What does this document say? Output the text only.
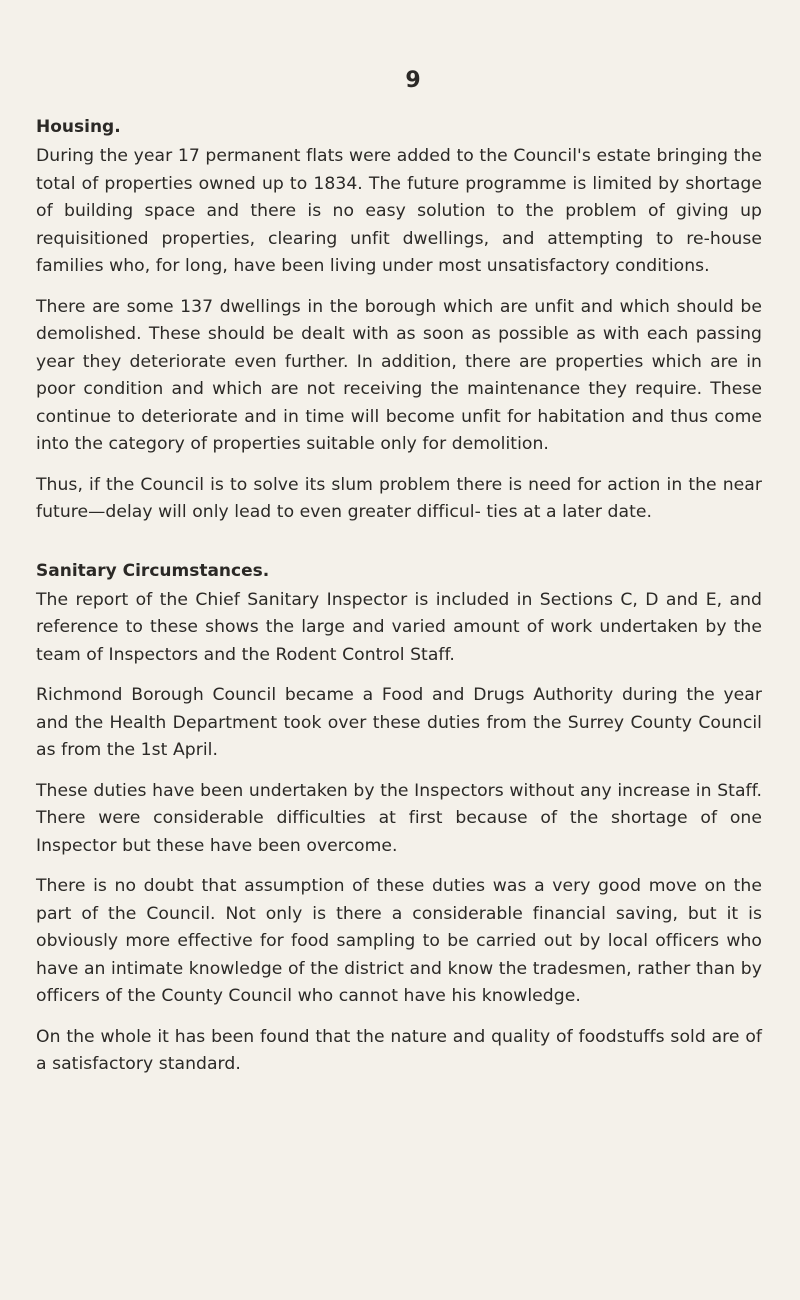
9
Housing.

During the year 17 permanent flats were added to the Council's estate bringing the total of properties owned up to 1834. The future programme is limited by shortage of building space and there is no easy solution to the problem of giving up requisitioned properties, clearing unfit dwellings, and attempting to re-house families who, for long, have been living under most unsatisfactory conditions.

There are some 137 dwellings in the borough which are unfit and which should be demolished. These should be dealt with as soon as possible as with each passing year they deteriorate even further. In addition, there are properties which are in poor condition and which are not receiving the maintenance they require. These continue to deteriorate and in time will become unfit for habitation and thus come into the category of properties suitable only for demolition.

Thus, if the Council is to solve its slum problem there is need for action in the near future—delay will only lead to even greater difficul- ties at a later date.

Sanitary Circumstances.

The report of the Chief Sanitary Inspector is included in Sections C, D and E, and reference to these shows the large and varied amount of work undertaken by the team of Inspectors and the Rodent Control Staff.

Richmond Borough Council became a Food and Drugs Authority during the year and the Health Department took over these duties from the Surrey County Council as from the 1st April.

These duties have been undertaken by the Inspectors without any increase in Staff. There were considerable difficulties at first because of the shortage of one Inspector but these have been overcome.

There is no doubt that assumption of these duties was a very good move on the part of the Council. Not only is there a considerable financial saving, but it is obviously more effective for food sampling to be carried out by local officers who have an intimate knowledge of the district and know the tradesmen, rather than by officers of the County Council who cannot have his knowledge.

On the whole it has been found that the nature and quality of foodstuffs sold are of a satisfactory standard.
